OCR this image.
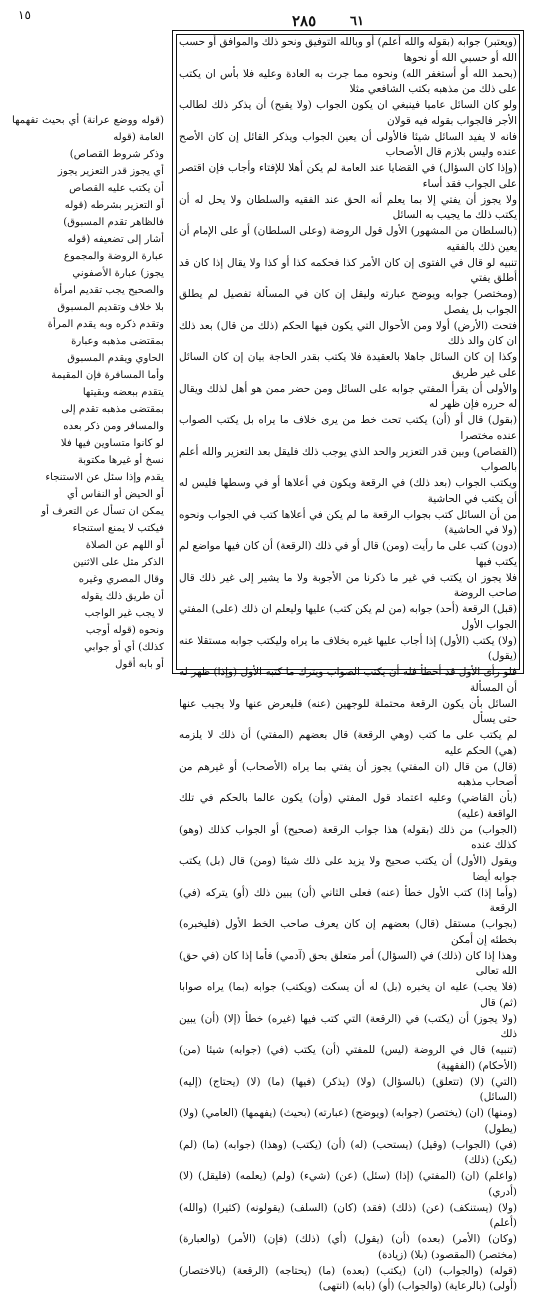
١٥	٢٨٥	٦١

(ويعتبر) جوابه (بقوله والله أعلم) أو وبالله التوفيق ونحو ذلك والموافق أو حسب الله أو حسبي الله أو نحوها

(بحمد الله أو أستغفر الله) ونحوه مما جرت به العادة وعليه فلا بأس ان يكتب على ذلك من مذهبه بكتب الشافعي مثلا

ولو كان السائل عاميا فينبغي ان يكون الجواب (ولا يقبح) أن يذكر ذلك لطالب الأجر فالجواب بقوله فيه قولان

فانه لا يفيد السائل شيئا فالأولى أن يعين الجواب ويذكر القائل إن كان الأصح عنده وليس بلازم قال الأصحاب

(وإذا كان السؤال) في القضايا عند العامة لم يكن أهلا للإفتاء وأجاب فإن اقتصر على الجواب فقد أساء

ولا يجوز أن يفتي إلا بما يعلم أنه الحق عند الفقيه والسلطان ولا يحل له أن يكتب ذلك ما يجيب به السائل

(بالسلطان من المشهور) الأول قول الروضة (وعلى السلطان) أو على الإمام أن يعين ذلك بالفقيه

تنبيه لو قال في الفتوى إن كان الأمر كذا فحكمه كذا أو كذا ولا يقال إذا كان قد أطلق يفتي

(ومختصر) جوابه ويوضح عبارته وليقل إن كان في المسألة تفصيل لم يطلق الجواب بل يفصل

فتحت (الأرض) أولا ومن الأحوال التي يكون فيها الحكم (ذلك من قال) بعد ذلك ان كان والد ذلك

وكذا إن كان السائل جاهلا بالعقيدة فلا يكتب بقدر الحاجة بيان إن كان السائل على غير طريق

والأولى أن يقرأ المفتي جوابه على السائل ومن حضر ممن هو أهل لذلك ويقال له حرره فإن ظهر له

(بقول) قال أو (أن) يكتب تحت خط من يرى خلاف ما يراه بل يكتب الصواب عنده مختصرا

(القصاص) وبين قدر التعزير والحد الذي يوجب ذلك فليقل بعد التعزير والله أعلم بالصواب

ويكتب الجواب (بعد ذلك) في الرقعة ويكون في أعلاها أو في وسطها فليس له أن يكتب في الحاشية

من أن السائل كتب بجواب الرقعة ما لم يكن في أعلاها كتب في الجواب ونحوه (ولا في الحاشية)

(دون) كتب على ما رأيت (ومن) قال أو في ذلك (الرقعة) أن كان فيها مواضع لم يكتب فيها

فلا يجوز ان يكتب في غير ما ذكرنا من الأجوبة ولا ما يشير إلى غير ذلك قال صاحب الروضة

(قبل) الرقعة (أحد) جوابه (من لم يكن كتب) عليها وليعلم ان ذلك (على) المفتي الجواب الأول

(ولا) يكتب (الأول) إذا أجاب عليها غيره بخلاف ما يراه وليكتب جوابه مستقلا عنه (يقول)

فلو رأى الأول قد أخطأ فله أن يكتب الصواب ويترك ما كتبه الأول (وإذا) ظهر له أن المسألة

السائل بأن يكون الرقعة محتملة للوجهين (عنه) فليعرض عنها ولا يجيب عنها حتى يسأل

لم يكتب على ما كتب (وهي الرقعة) قال بعضهم (المفتي) أن ذلك لا يلزمه (هي) الحكم عليه

(قال) من قال (ان المفتي) يجوز أن يفتي بما يراه (الأصحاب) أو غيرهم من أصحاب مذهبه

(بأن القاضي) وعليه اعتماد قول المفتي (وأن) يكون عالما بالحكم في تلك الواقعة (عليه)

(الجواب) من ذلك (بقوله) هذا جواب الرقعة (صحيح) أو الجواب كذلك (وهو) كذلك عنده

ويقول (الأول) أن يكتب صحيح ولا يزيد على ذلك شيئا (ومن) قال (بل) يكتب جوابه أيضا

(وأما إذا) كتب الأول خطأ (عنه) فعلى الثاني (أن) يبين ذلك (أو) يتركه (في) الرقعة

(بجواب) مستقل (قال) بعضهم إن كان يعرف صاحب الخط الأول (فليخبره) بخطئه إن أمكن

وهذا إذا كان (ذلك) في (السؤال) أمر متعلق بحق (آدمي) فأما إذا كان (في حق) الله تعالى

(فلا يجب) عليه ان يخبره (بل) له أن يسكت (ويكتب) جوابه (بما) يراه صوابا (ثم) قال

(ولا يجوز) أن (يكتب) في (الرقعة) التي كتب فيها (غيره) خطأ (إلا) (أن) يبين ذلك

(تنبيه) قال في الروضة (ليس) للمفتي (أن) يكتب (في) (جوابه) شيئا (من) (الأحكام) (الفقهية)

(التي) (لا) (تتعلق) (بالسؤال) (ولا) (يذكر) (فيها) (ما) (لا) (يحتاج) (إليه) (السائل)

(ومنها) (ان) (يختصر) (جوابه) (ويوضح) (عبارته) (بحيث) (يفهمها) (العامي) (ولا) (يطول)

(في) (الجواب) (وقيل) (يستحب) (له) (أن) (يكتب) (وهذا) (جوابه) (ما) (لم) (يكن) (ذلك)

(واعلم) (ان) (المفتي) (إذا) (سئل) (عن) (شيء) (ولم) (يعلمه) (فليقل) (لا) (أدري)

(ولا) (يستنكف) (عن) (ذلك) (فقد) (كان) (السلف) (يقولونه) (كثيرا) (والله) (أعلم)

(وكان) (الأمر) (بعده) (أن) (يقول) (أي) (ذلك) (فإن) (الأمر) (والعبارة) (مختصر) (المقصود) (بلا) (زيادة)

(قوله) (والجواب) (ان) (يكتب) (بعده) (ما) (يحتاجه) (الرقعة) (بالاختصار) (أولى) (بالرعاية) (والجواب) (أو) (بابه) (انتهى)

(قوله ووضع عرانة) أي بحيث تفهمها العامة (قوله

وذكر شروط القصاص)

أي يجوز قدر التعزير يجوز

أن يكتب عليه القصاص

أو التعزير بشرطه (قوله

فالظاهر تقدم المسبوق)

أشار إلى تضعيفه (قوله

عبارة الروضة والمجموع

يجوز) عبارة الأصفوني

والصحيح يجب تقديم امرأة

بلا خلاف وتقديم المسبوق

وتقدم ذكره وبه يقدم المرأة

بمقتضى مذهبه وعبارة

الحاوي ويقدم المسبوق

وأما المسافرة فإن المقيمة

يتقدم ببعضه وبقيتها

بمقتضى مذهبه تقدم إلى

والمسافر ومن ذكر بعده

لو كانوا متساوين فيها فلا

نسخ أو غيرها مكتوبة

يقدم وإذا سئل عن الاستنجاء

أو الحيض أو النفاس أي

يمكن ان تسأل عن التعرف أو

فيكتب لا يمنع استنجاء

أو اللهم عن الصلاة

الذكر مثل على الاثنين

وقال المصري وغيره

أن طريق ذلك يقوله

لا يجب غير الواجب

ونحوه (قوله أوجب

كذلك) أي أو جوابي

أو بابه أقول
